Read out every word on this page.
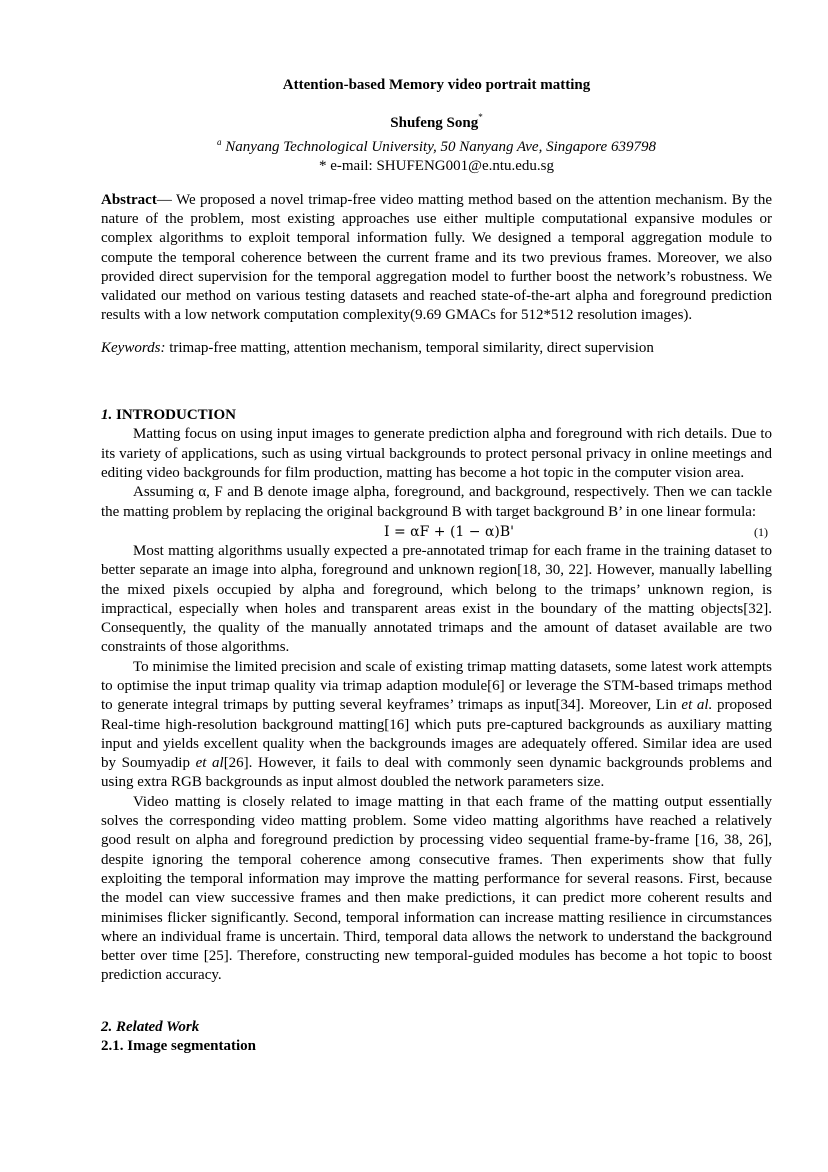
Attention-based Memory video portrait matting
Shufeng Song*
$^a$ Nanyang Technological University, 50 Nanyang Ave, Singapore 639798
* e-mail: SHUFENG001@e.ntu.edu.sg
Abstract— We proposed a novel trimap-free video matting method based on the attention mechanism. By the nature of the problem, most existing approaches use either multiple computational expansive modules or complex algorithms to exploit temporal information fully. We designed a temporal aggregation module to compute the temporal coherence between the current frame and its two previous frames. Moreover, we also provided direct supervision for the temporal aggregation model to further boost the network’s robustness. We validated our method on various testing datasets and reached state-of-the-art alpha and foreground prediction results with a low network computation complexity(9.69 GMACs for 512*512 resolution images).
Keywords: trimap-free matting, attention mechanism, temporal similarity, direct supervision
1. INTRODUCTION

Matting focus on using input images to generate prediction alpha and foreground with rich details. Due to its variety of applications, such as using virtual backgrounds to protect personal privacy in online meetings and editing video backgrounds for film production, matting has become a hot topic in the computer vision area.

Assuming α, F and B denote image alpha, foreground, and background, respectively. Then we can tackle the matting problem by replacing the original background B with target background B’ in one linear formula:

I = αF + (1 − α)B'	(1)

Most matting algorithms usually expected a pre-annotated trimap for each frame in the training dataset to better separate an image into alpha, foreground and unknown region[18, 30, 22]. However, manually labelling the mixed pixels occupied by alpha and foreground, which belong to the trimaps’ unknown region, is impractical, especially when holes and transparent areas exist in the boundary of the matting objects[32]. Consequently, the quality of the manually annotated trimaps and the amount of dataset available are two constraints of those algorithms.

To minimise the limited precision and scale of existing trimap matting datasets, some latest work attempts to optimise the input trimap quality via trimap adaption module[6] or leverage the STM-based trimaps method to generate integral trimaps by putting several keyframes’ trimaps as input[34]. Moreover, Lin et al. proposed Real-time high-resolution background matting[16] which puts pre-captured backgrounds as auxiliary matting input and yields excellent quality when the backgrounds images are adequately offered. Similar idea are used by Soumyadip et al[26]. However, it fails to deal with commonly seen dynamic backgrounds problems and using extra RGB backgrounds as input almost doubled the network parameters size.

Video matting is closely related to image matting in that each frame of the matting output essentially solves the corresponding video matting problem. Some video matting algorithms have reached a relatively good result on alpha and foreground prediction by processing video sequential frame-by-frame [16, 38, 26], despite ignoring the temporal coherence among consecutive frames. Then experiments show that fully exploiting the temporal information may improve the matting performance for several reasons. First, because the model can view successive frames and then make predictions, it can predict more coherent results and minimises flicker significantly. Second, temporal information can increase matting resilience in circumstances where an individual frame is uncertain. Third, temporal data allows the network to understand the background better over time [25]. Therefore, constructing new temporal-guided modules has become a hot topic to boost prediction accuracy.

2. Related Work
2.1. Image segmentation
